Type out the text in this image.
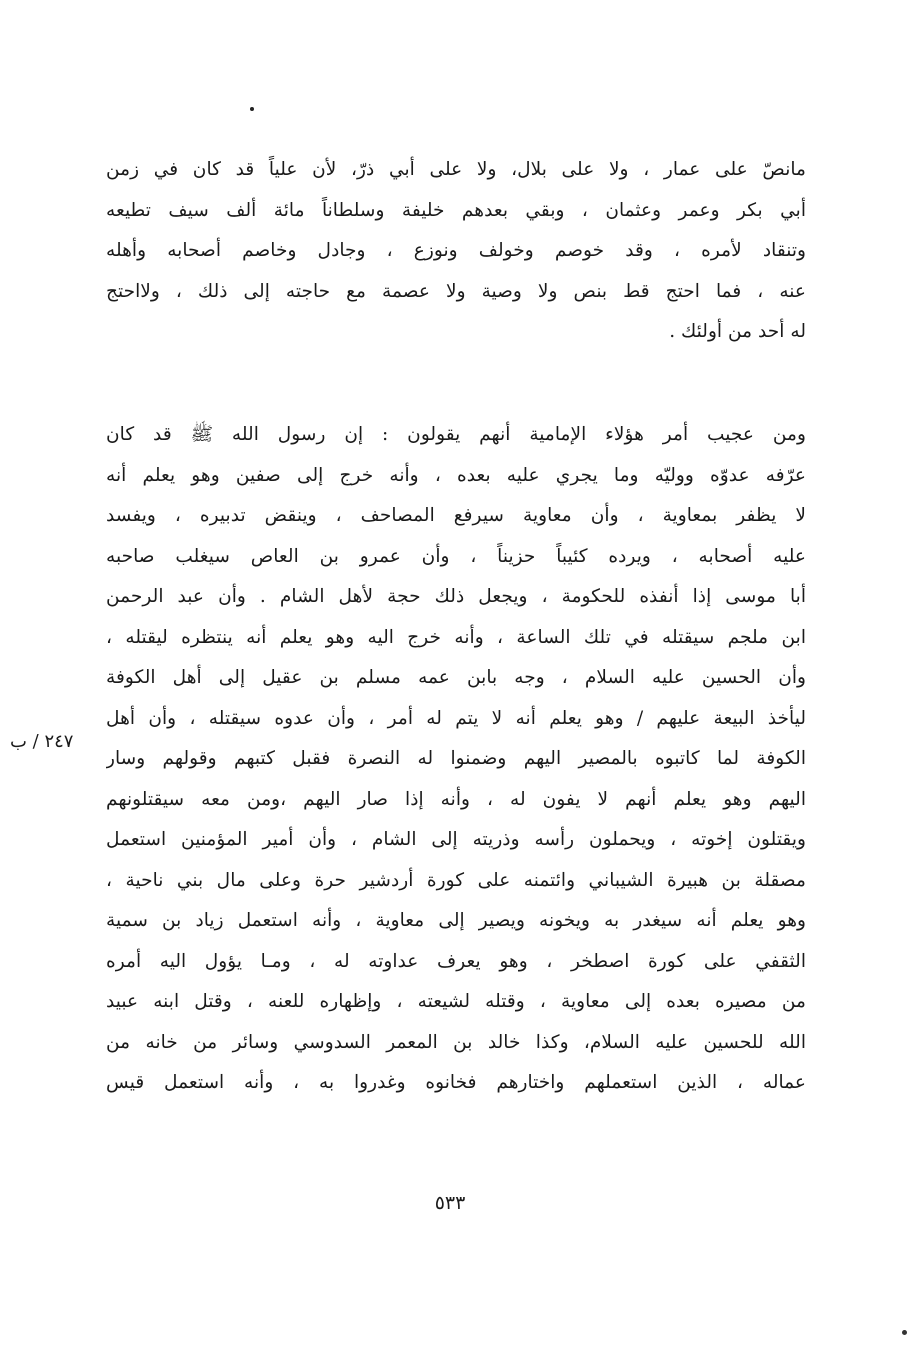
مانصّ على عمار ، ولا على بلال، ولا على أبي ذرّ، لأن علياً قد كان في زمن
أبي بكر وعمر وعثمان ، وبقي بعدهم خليفة وسلطاناً مائة ألف سيف تطيعه
وتنقاد لأمره ، وقد خوصم وخولف ونوزع ، وجادل وخاصم أصحابه وأهله
عنه ، فما احتج قط بنص ولا وصية ولا عصمة مع حاجته إلى ذلك ، ولااحتج
له أحد من أولئك .
ومن عجيب أمر هؤلاء الإمامية أنهم يقولون : إن رسول الله ﷺ قد كان
عرّفه عدوّه ووليّه وما يجري عليه بعده ، وأنه خرج إلى صفين وهو يعلم أنه
لا يظفر بمعاوية ، وأن معاوية سيرفع المصاحف ، وينقض تدبيره ، ويفسد
عليه أصحابه ، ويرده كئيباً حزيناً ، وأن عمرو بن العاص سيغلب صاحبه
أبا موسى إذا أنفذه للحكومة ، ويجعل ذلك حجة لأهل الشام . وأن عبد الرحمن
ابن ملجم سيقتله في تلك الساعة ، وأنه خرج اليه وهو يعلم أنه ينتظره ليقتله ،
وأن الحسين عليه السلام ، وجه بابن عمه مسلم بن عقيل إلى أهل الكوفة
ليأخذ البيعة عليهم / وهو يعلم أنه لا يتم له أمر ، وأن عدوه سيقتله ، وأن أهل
الكوفة لما كاتبوه بالمصير اليهم وضمنوا له النصرة فقبل كتبهم وقولهم وسار
اليهم وهو يعلم أنهم لا يفون له ، وأنه إذا صار اليهم ،ومن معه سيقتلونهم
ويقتلون إخوته ، ويحملون رأسه وذريته إلى الشام ، وأن أمير المؤمنين استعمل
مصقلة بن هبيرة الشيباني وائتمنه على كورة أردشير حرة وعلى مال بني ناحية ،
وهو يعلم أنه سيغدر به ويخونه ويصير إلى معاوية ، وأنه استعمل زياد بن سمية
الثقفي على كورة اصطخر ، وهو يعرف عداوته له ، ومـا يؤول اليه أمره
من مصيره بعده إلى معاوية ، وقتله لشيعته ، وإظهاره للعنه ، وقتل ابنه عبيد
الله للحسين عليه السلام، وكذا خالد بن المعمر السدوسي وسائر من خانه من
عماله ، الذين استعملهم واختارهم فخانوه وغدروا به ، وأنه استعمل قيس
٢٤٧ / ب
٥٣٣
